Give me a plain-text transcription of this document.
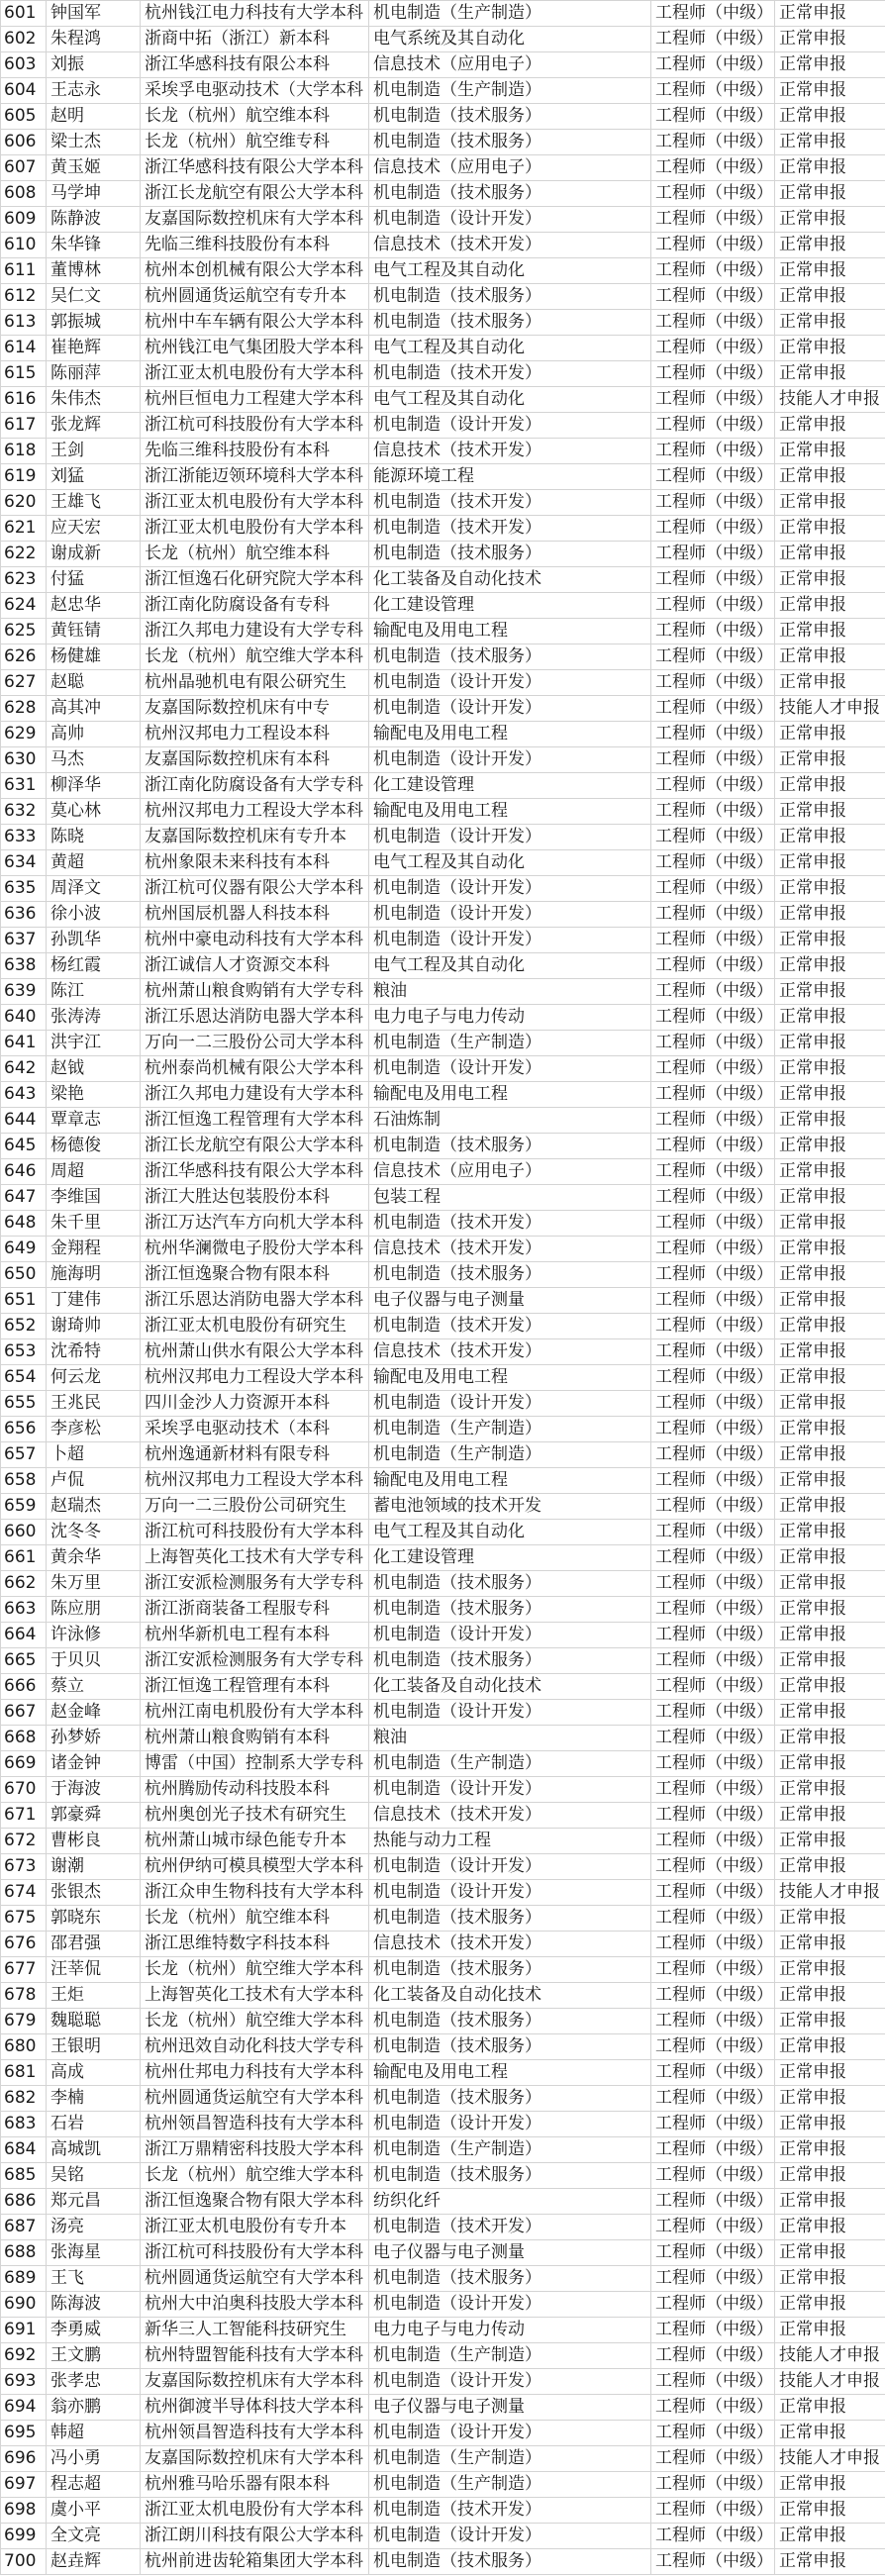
601	钟国军	杭州钱江电力科技有大学本科	机电制造（生产制造）	工程师（中级）	正常申报
602	朱程鸿	浙商中拓（浙江）新本科	电气系统及其自动化	工程师（中级）	正常申报
603	刘振	浙江华感科技有限公本科	信息技术（应用电子）	工程师（中级）	正常申报
604	王志永	采埃孚电驱动技术（大学本科	机电制造（生产制造）	工程师（中级）	正常申报
605	赵明	长龙（杭州）航空维本科	机电制造（技术服务）	工程师（中级）	正常申报
606	梁士杰	长龙（杭州）航空维专科	机电制造（技术服务）	工程师（中级）	正常申报
607	黄玉姬	浙江华感科技有限公大学本科	信息技术（应用电子）	工程师（中级）	正常申报
608	马学坤	浙江长龙航空有限公大学本科	机电制造（技术服务）	工程师（中级）	正常申报
609	陈静波	友嘉国际数控机床有大学本科	机电制造（设计开发）	工程师（中级）	正常申报
610	朱华锋	先临三维科技股份有本科	信息技术（技术开发）	工程师（中级）	正常申报
611	董博林	杭州本创机械有限公大学本科	电气工程及其自动化	工程师（中级）	正常申报
612	吴仁文	杭州圆通货运航空有专升本	机电制造（技术服务）	工程师（中级）	正常申报
613	郭振城	杭州中车车辆有限公大学本科	机电制造（技术服务）	工程师（中级）	正常申报
614	崔艳辉	杭州钱江电气集团股大学本科	电气工程及其自动化	工程师（中级）	正常申报
615	陈丽萍	浙江亚太机电股份有大学本科	机电制造（技术开发）	工程师（中级）	正常申报
616	朱伟杰	杭州巨恒电力工程建大学本科	电气工程及其自动化	工程师（中级）	技能人才申报
617	张龙辉	浙江杭可科技股份有大学本科	机电制造（设计开发）	工程师（中级）	正常申报
618	王剑	先临三维科技股份有本科	信息技术（技术开发）	工程师（中级）	正常申报
619	刘猛	浙江浙能迈领环境科大学本科	能源环境工程	工程师（中级）	正常申报
620	王雄飞	浙江亚太机电股份有大学本科	机电制造（技术开发）	工程师（中级）	正常申报
621	应天宏	浙江亚太机电股份有大学本科	机电制造（技术开发）	工程师（中级）	正常申报
622	谢成新	长龙（杭州）航空维本科	机电制造（技术服务）	工程师（中级）	正常申报
623	付猛	浙江恒逸石化研究院大学本科	化工装备及自动化技术	工程师（中级）	正常申报
624	赵忠华	浙江南化防腐设备有专科	化工建设管理	工程师（中级）	正常申报
625	黄钰锖	浙江久邦电力建设有大学专科	输配电及用电工程	工程师（中级）	正常申报
626	杨健雄	长龙（杭州）航空维大学本科	机电制造（技术服务）	工程师（中级）	正常申报
627	赵聪	杭州晶驰机电有限公研究生	机电制造（设计开发）	工程师（中级）	正常申报
628	高其冲	友嘉国际数控机床有中专	机电制造（设计开发）	工程师（中级）	技能人才申报
629	高帅	杭州汉邦电力工程设本科	输配电及用电工程	工程师（中级）	正常申报
630	马杰	友嘉国际数控机床有本科	机电制造（设计开发）	工程师（中级）	正常申报
631	柳泽华	浙江南化防腐设备有大学专科	化工建设管理	工程师（中级）	正常申报
632	莫心林	杭州汉邦电力工程设大学本科	输配电及用电工程	工程师（中级）	正常申报
633	陈晓	友嘉国际数控机床有专升本	机电制造（设计开发）	工程师（中级）	正常申报
634	黄超	杭州象限未来科技有本科	电气工程及其自动化	工程师（中级）	正常申报
635	周泽文	浙江杭可仪器有限公大学本科	机电制造（设计开发）	工程师（中级）	正常申报
636	徐小波	杭州国辰机器人科技本科	机电制造（设计开发）	工程师（中级）	正常申报
637	孙凯华	杭州中豪电动科技有大学本科	机电制造（设计开发）	工程师（中级）	正常申报
638	杨红霞	浙江诚信人才资源交本科	电气工程及其自动化	工程师（中级）	正常申报
639	陈江	杭州萧山粮食购销有大学专科	粮油	工程师（中级）	正常申报
640	张涛涛	浙江乐恩达消防电器大学本科	电力电子与电力传动	工程师（中级）	正常申报
641	洪宇江	万向一二三股份公司大学本科	机电制造（生产制造）	工程师（中级）	正常申报
642	赵钺	杭州泰尚机械有限公大学本科	机电制造（设计开发）	工程师（中级）	正常申报
643	梁艳	浙江久邦电力建设有大学本科	输配电及用电工程	工程师（中级）	正常申报
644	覃章志	浙江恒逸工程管理有大学本科	石油炼制	工程师（中级）	正常申报
645	杨德俊	浙江长龙航空有限公大学本科	机电制造（技术服务）	工程师（中级）	正常申报
646	周超	浙江华感科技有限公大学本科	信息技术（应用电子）	工程师（中级）	正常申报
647	李维国	浙江大胜达包装股份本科	包装工程	工程师（中级）	正常申报
648	朱千里	浙江万达汽车方向机大学本科	机电制造（技术开发）	工程师（中级）	正常申报
649	金翔程	杭州华澜微电子股份大学本科	信息技术（技术开发）	工程师（中级）	正常申报
650	施海明	浙江恒逸聚合物有限本科	机电制造（技术服务）	工程师（中级）	正常申报
651	丁建伟	浙江乐恩达消防电器大学本科	电子仪器与电子测量	工程师（中级）	正常申报
652	谢琦帅	浙江亚太机电股份有研究生	机电制造（技术开发）	工程师（中级）	正常申报
653	沈希特	杭州萧山供水有限公大学本科	信息技术（技术开发）	工程师（中级）	正常申报
654	何云龙	杭州汉邦电力工程设大学本科	输配电及用电工程	工程师（中级）	正常申报
655	王兆民	四川金沙人力资源开本科	机电制造（设计开发）	工程师（中级）	正常申报
656	李彦松	采埃孚电驱动技术（本科	机电制造（生产制造）	工程师（中级）	正常申报
657	卜超	杭州逸通新材料有限专科	机电制造（生产制造）	工程师（中级）	正常申报
658	卢侃	杭州汉邦电力工程设大学本科	输配电及用电工程	工程师（中级）	正常申报
659	赵瑞杰	万向一二三股份公司研究生	蓄电池领域的技术开发	工程师（中级）	正常申报
660	沈冬冬	浙江杭可科技股份有大学本科	电气工程及其自动化	工程师（中级）	正常申报
661	黄余华	上海智英化工技术有大学专科	化工建设管理	工程师（中级）	正常申报
662	朱万里	浙江安派检测服务有大学专科	机电制造（技术服务）	工程师（中级）	正常申报
663	陈应朋	浙江浙商装备工程服专科	机电制造（技术服务）	工程师（中级）	正常申报
664	许泳修	杭州华新机电工程有本科	机电制造（设计开发）	工程师（中级）	正常申报
665	于贝贝	浙江安派检测服务有大学专科	机电制造（技术服务）	工程师（中级）	正常申报
666	蔡立	浙江恒逸工程管理有本科	化工装备及自动化技术	工程师（中级）	正常申报
667	赵金峰	杭州江南电机股份有大学本科	机电制造（设计开发）	工程师（中级）	正常申报
668	孙梦娇	杭州萧山粮食购销有本科	粮油	工程师（中级）	正常申报
669	诸金钟	博雷（中国）控制系大学专科	机电制造（生产制造）	工程师（中级）	正常申报
670	于海波	杭州腾励传动科技股本科	机电制造（设计开发）	工程师（中级）	正常申报
671	郭豪舜	杭州奥创光子技术有研究生	信息技术（技术开发）	工程师（中级）	正常申报
672	曹彬良	杭州萧山城市绿色能专升本	热能与动力工程	工程师（中级）	正常申报
673	谢潮	杭州伊纳可模具模型大学本科	机电制造（设计开发）	工程师（中级）	正常申报
674	张银杰	浙江众申生物科技有大学本科	机电制造（设计开发）	工程师（中级）	技能人才申报
675	郭晓东	长龙（杭州）航空维本科	机电制造（技术服务）	工程师（中级）	正常申报
676	邵君强	浙江思维特数字科技本科	信息技术（技术开发）	工程师（中级）	正常申报
677	汪莘侃	长龙（杭州）航空维大学本科	机电制造（技术服务）	工程师（中级）	正常申报
678	王炬	上海智英化工技术有大学本科	化工装备及自动化技术	工程师（中级）	正常申报
679	魏聪聪	长龙（杭州）航空维大学本科	机电制造（技术服务）	工程师（中级）	正常申报
680	王银明	杭州迅效自动化科技大学专科	机电制造（技术服务）	工程师（中级）	正常申报
681	高成	杭州仕邦电力科技有大学本科	输配电及用电工程	工程师（中级）	正常申报
682	李楠	杭州圆通货运航空有大学本科	机电制造（技术服务）	工程师（中级）	正常申报
683	石岩	杭州领昌智造科技有大学本科	机电制造（设计开发）	工程师（中级）	正常申报
684	高城凯	浙江万鼎精密科技股大学本科	机电制造（生产制造）	工程师（中级）	正常申报
685	吴铭	长龙（杭州）航空维大学本科	机电制造（技术服务）	工程师（中级）	正常申报
686	郑元昌	浙江恒逸聚合物有限大学本科	纺织化纤	工程师（中级）	正常申报
687	汤亮	浙江亚太机电股份有专升本	机电制造（技术开发）	工程师（中级）	正常申报
688	张海星	浙江杭可科技股份有大学本科	电子仪器与电子测量	工程师（中级）	正常申报
689	王飞	杭州圆通货运航空有大学本科	机电制造（技术服务）	工程师（中级）	正常申报
690	陈海波	杭州大中泊奥科技股大学本科	机电制造（设计开发）	工程师（中级）	正常申报
691	李勇威	新华三人工智能科技研究生	电力电子与电力传动	工程师（中级）	正常申报
692	王文鹏	杭州特盟智能科技有大学本科	机电制造（生产制造）	工程师（中级）	技能人才申报
693	张孝忠	友嘉国际数控机床有大学本科	机电制造（设计开发）	工程师（中级）	技能人才申报
694	翁亦鹏	杭州御渡半导体科技大学本科	电子仪器与电子测量	工程师（中级）	正常申报
695	韩超	杭州领昌智造科技有大学本科	机电制造（设计开发）	工程师（中级）	正常申报
696	冯小勇	友嘉国际数控机床有大学本科	机电制造（生产制造）	工程师（中级）	技能人才申报
697	程志超	杭州雅马哈乐器有限本科	机电制造（生产制造）	工程师（中级）	正常申报
698	虞小平	浙江亚太机电股份有大学本科	机电制造（技术开发）	工程师（中级）	正常申报
699	全文亮	浙江朗川科技有限公大学本科	机电制造（设计开发）	工程师（中级）	正常申报
700	赵垚辉	杭州前进齿轮箱集团大学本科	机电制造（技术服务）	工程师（中级）	正常申报
